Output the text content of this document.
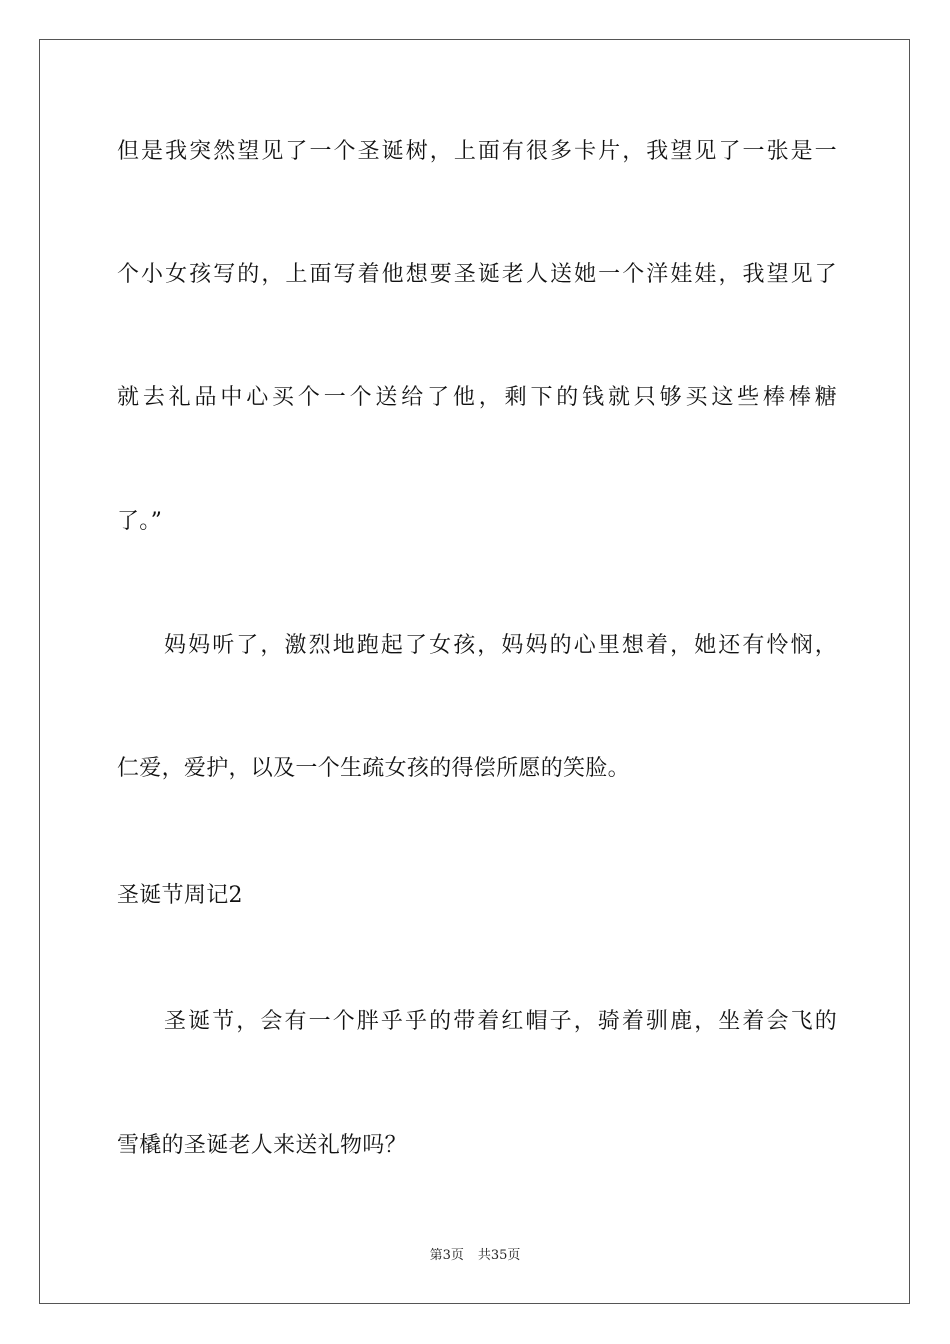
但是我突然望见了一个圣诞树，上面有很多卡片，我望见了一张是一
个小女孩写的，上面写着他想要圣诞老人送她一个洋娃娃，我望见了
就去礼品中心买个一个送给了他，剩下的钱就只够买这些棒棒糖
了。”
妈妈听了，激烈地跑起了女孩，妈妈的心里想着，她还有怜悯，
仁爱，爱护，以及一个生疏女孩的得偿所愿的笑脸。
圣诞节周记2
圣诞节，会有一个胖乎乎的带着红帽子，骑着驯鹿，坐着会飞的
雪橇的圣诞老人来送礼物吗？
第3页 共35页
